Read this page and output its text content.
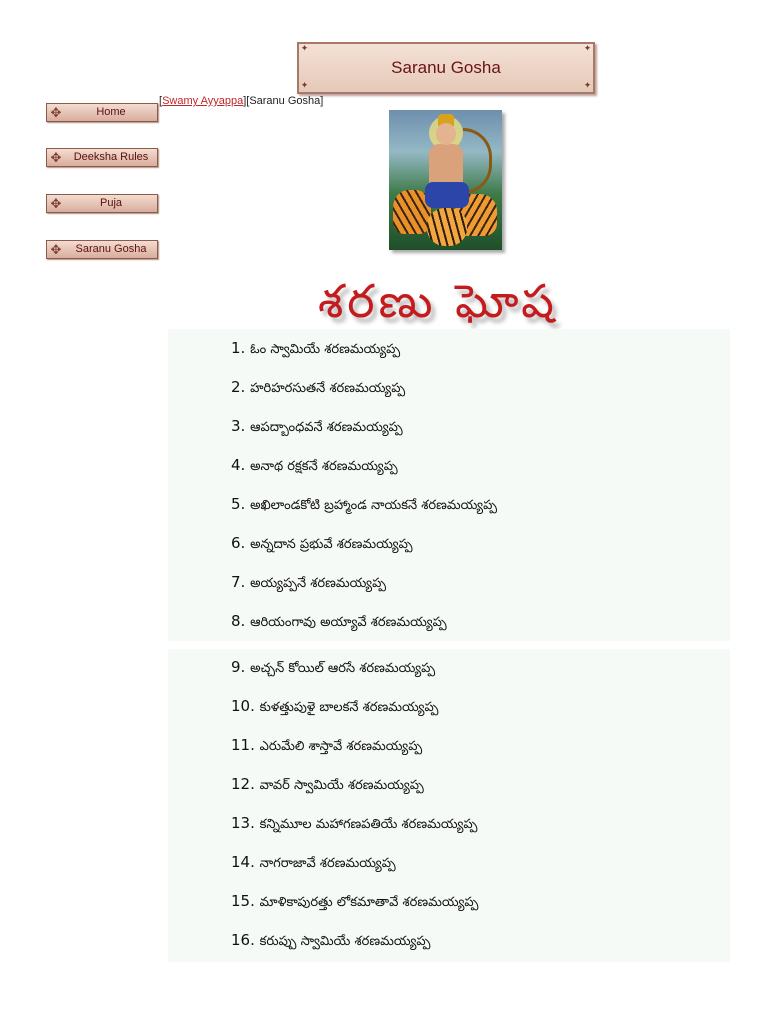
✦	✦
✦	✦
Saranu Gosha
[Swamy Ayyappa][Saranu Gosha]
✥	Home
✥	Deeksha Rules
✥	Puja
✥	Saranu Gosha
శరణు ఘోష
1. ఓం స్వామియే శరణమయ్యప్ప
2. హరిహరసుతనే శరణమయ్యప్ప
3. ఆపద్బాంధవనే శరణమయ్యప్ప
4. అనాథ రక్షకనే శరణమయ్యప్ప
5. అఖిలాండకోటి బ్రహ్మాండ నాయకనే శరణమయ్యప్ప
6. అన్నదాన ప్రభువే శరణమయ్యప్ప
7. అయ్యప్పనే శరణమయ్యప్ప
8. ఆరియంగావు అయ్యావే శరణమయ్యప్ప
9. అచ్చన్ కోయిల్ ఆరసే శరణమయ్యప్ప
10. కుళత్తుపుళై బాలకనే శరణమయ్యప్ప
11. ఎరుమేలి శాస్తావే శరణమయ్యప్ప
12. వావర్ స్వామియే శరణమయ్యప్ప
13. కన్నిమూల మహాగణపతియే శరణమయ్యప్ప
14. నాగరాజావే శరణమయ్యప్ప
15. మాళికాపురత్తు లోకమాతావే శరణమయ్యప్ప
16. కరుప్పు స్వామియే శరణమయ్యప్ప
